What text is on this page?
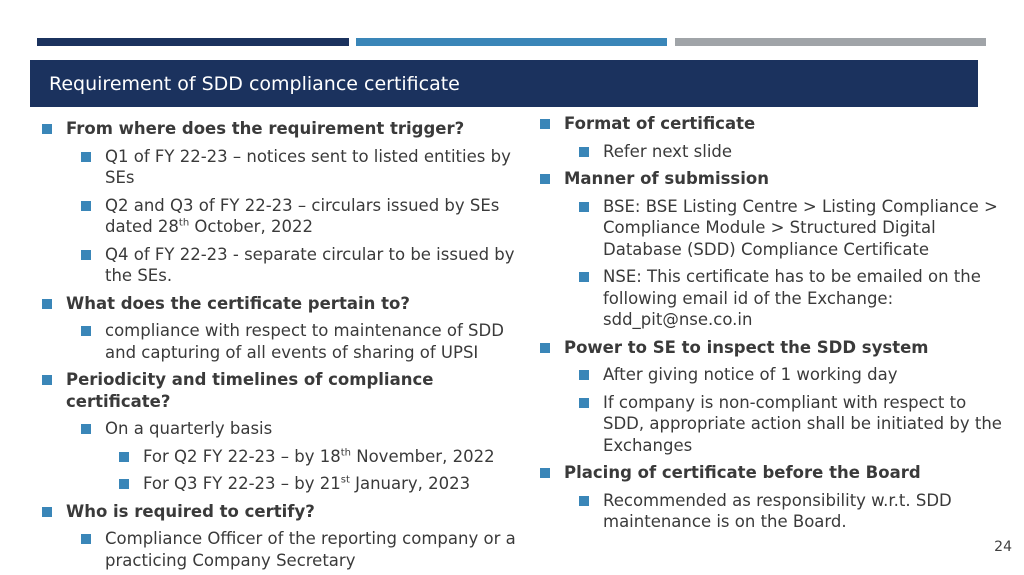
Requirement of SDD compliance certificate
From where does the requirement trigger?
Q1 of FY 22-23 – notices sent to listed entities by SEs
Q2 and Q3 of FY 22-23 – circulars issued by SEs dated 28th October, 2022
Q4 of FY 22-23 - separate circular to be issued by the SEs.
What does the certificate pertain to?
compliance with respect to maintenance of SDD and capturing of all events of sharing of UPSI
Periodicity and timelines of compliance certificate?
On a quarterly basis
For Q2 FY 22-23 – by 18th November, 2022
For Q3 FY 22-23 – by 21st January, 2023
Who is required to certify?
Compliance Officer of the reporting company or a practicing Company Secretary
Format of certificate
Refer next slide
Manner of submission
BSE: BSE Listing Centre > Listing Compliance > Compliance Module > Structured Digital Database (SDD) Compliance Certificate
NSE: This certificate has to be emailed on the following email id of the Exchange: sdd_pit@nse.co.in
Power to SE to inspect the SDD system
After giving notice of 1 working day
If company is non-compliant with respect to SDD, appropriate action shall be initiated by the Exchanges
Placing of certificate before the Board
Recommended as responsibility w.r.t. SDD maintenance is on the Board.
24
